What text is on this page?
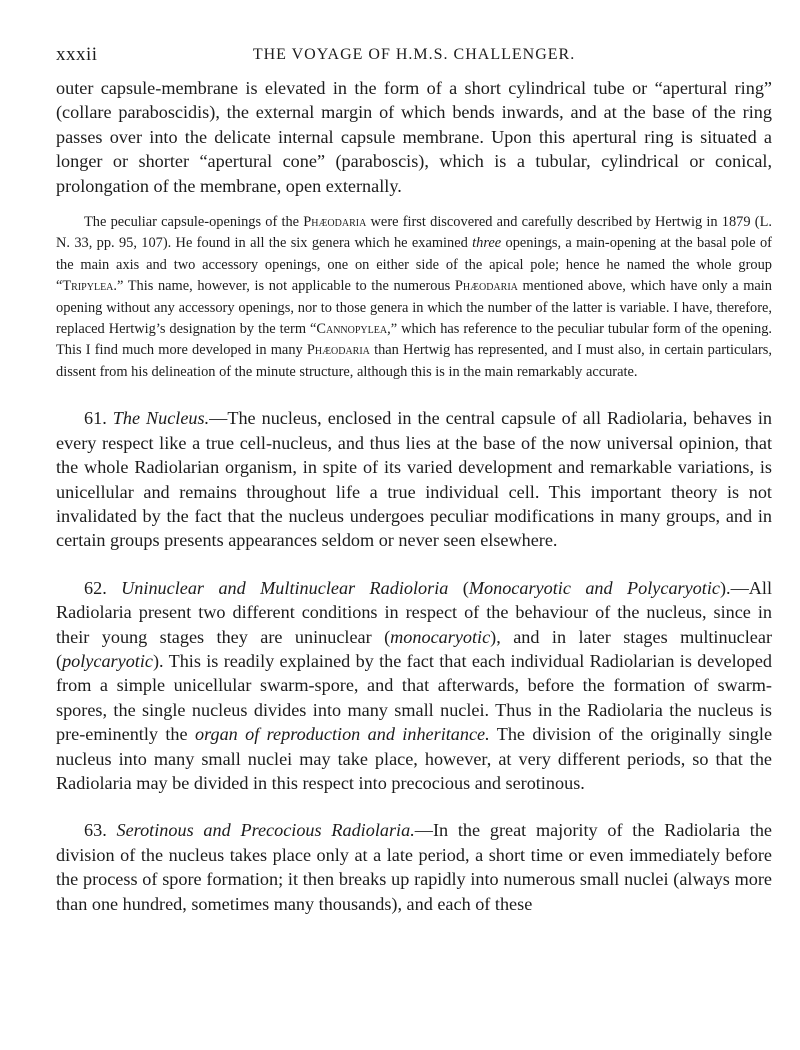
xxxii	THE VOYAGE OF H.M.S. CHALLENGER.

outer capsule-membrane is elevated in the form of a short cylindrical tube or “apertural ring” (collare paraboscidis), the external margin of which bends inwards, and at the base of the ring passes over into the delicate internal capsule membrane. Upon this apertural ring is situated a longer or shorter “apertural cone” (paraboscis), which is a tubular, cylindrical or conical, prolongation of the membrane, open externally.

The peculiar capsule-openings of the Phæodaria were first discovered and carefully described by Hertwig in 1879 (L. N. 33, pp. 95, 107). He found in all the six genera which he examined three openings, a main-opening at the basal pole of the main axis and two accessory openings, one on either side of the apical pole; hence he named the whole group “Tripylea.” This name, however, is not applicable to the numerous Phæodaria mentioned above, which have only a main opening without any accessory openings, nor to those genera in which the number of the latter is variable. I have, therefore, replaced Hertwig’s designation by the term “Cannopylea,” which has reference to the peculiar tubular form of the opening. This I find much more developed in many Phæodaria than Hertwig has represented, and I must also, in certain particulars, dissent from his delineation of the minute structure, although this is in the main remarkably accurate.

61. The Nucleus.—The nucleus, enclosed in the central capsule of all Radiolaria, behaves in every respect like a true cell-nucleus, and thus lies at the base of the now universal opinion, that the whole Radiolarian organism, in spite of its varied development and remarkable variations, is unicellular and remains throughout life a true individual cell. This important theory is not invalidated by the fact that the nucleus undergoes peculiar modifications in many groups, and in certain groups presents appearances seldom or never seen elsewhere.

62. Uninuclear and Multinuclear Radioloria (Monocaryotic and Polycaryotic).—All Radiolaria present two different conditions in respect of the behaviour of the nucleus, since in their young stages they are uninuclear (monocaryotic), and in later stages multinuclear (polycaryotic). This is readily explained by the fact that each individual Radiolarian is developed from a simple unicellular swarm-spore, and that afterwards, before the formation of swarm-spores, the single nucleus divides into many small nuclei. Thus in the Radiolaria the nucleus is pre-eminently the organ of reproduction and inheritance. The division of the originally single nucleus into many small nuclei may take place, however, at very different periods, so that the Radiolaria may be divided in this respect into precocious and serotinous.

63. Serotinous and Precocious Radiolaria.—In the great majority of the Radiolaria the division of the nucleus takes place only at a late period, a short time or even immediately before the process of spore formation; it then breaks up rapidly into numerous small nuclei (always more than one hundred, sometimes many thousands), and each of these
